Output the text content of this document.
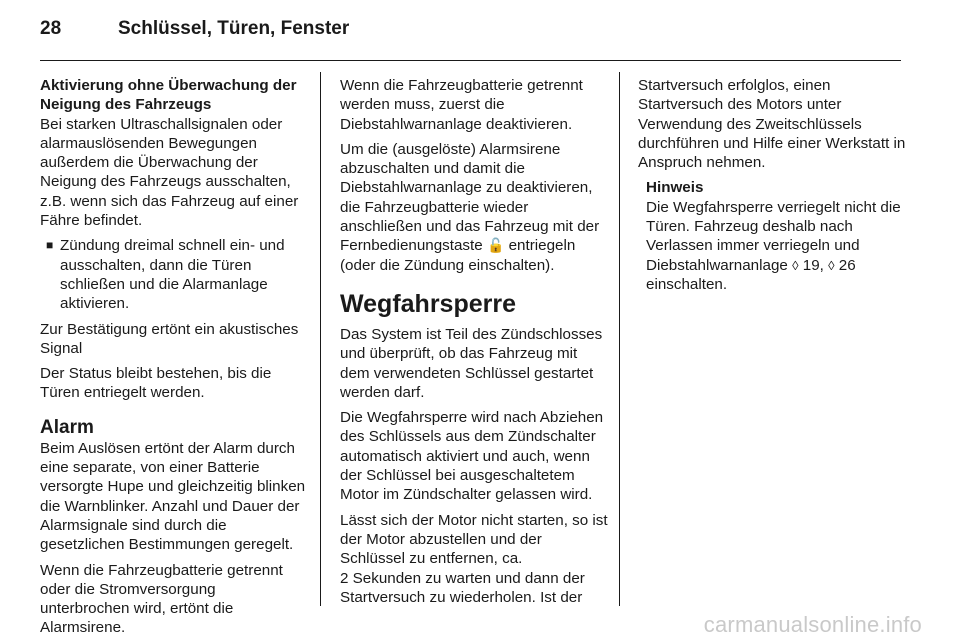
28	Schlüssel, Türen, Fenster
Aktivierung ohne Überwachung der
Neigung des Fahrzeugs

Bei starken Ultraschallsignalen oder alarmauslösenden Bewegungen außerdem die Überwachung der Neigung des Fahrzeugs ausschalten, z.B. wenn sich das Fahrzeug auf einer Fähre befindet.

■ Zündung dreimal schnell ein- und ausschalten, dann die Türen schließen und die Alarmanlage aktivieren.

Zur Bestätigung ertönt ein akustisches Signal

Der Status bleibt bestehen, bis die Türen entriegelt werden.

Alarm

Beim Auslösen ertönt der Alarm durch eine separate, von einer Batterie versorgte Hupe und gleichzeitig blinken die Warnblinker. Anzahl und Dauer der Alarmsignale sind durch die gesetzlichen Bestimmungen geregelt.

Wenn die Fahrzeugbatterie getrennt oder die Stromversorgung unterbrochen wird, ertönt die Alarmsirene.

Wenn die Fahrzeugbatterie getrennt werden muss, zuerst die Diebstahlwarnanlage deaktivieren.

Um die (ausgelöste) Alarmsirene abzuschalten und damit die Diebstahlwarnanlage zu deaktivieren, die Fahrzeugbatterie wieder anschließen und das Fahrzeug mit der Fernbedienungstaste 🔓 entriegeln (oder die Zündung einschalten).

Wegfahrsperre

Das System ist Teil des Zündschlosses und überprüft, ob das Fahrzeug mit dem verwendeten Schlüssel gestartet werden darf.

Die Wegfahrsperre wird nach Abziehen des Schlüssels aus dem Zündschalter automatisch aktiviert und auch, wenn der Schlüssel bei ausgeschaltetem Motor im Zündschalter gelassen wird.

Lässt sich der Motor nicht starten, so ist der Motor abzustellen und der Schlüssel zu entfernen, ca.
2 Sekunden zu warten und dann der Startversuch zu wiederholen. Ist der

Startversuch erfolglos, einen Startversuch des Motors unter Verwendung des Zweitschlüssels durchführen und Hilfe einer Werkstatt in Anspruch nehmen.

Hinweis
Die Wegfahrsperre verriegelt nicht die Türen. Fahrzeug deshalb nach Verlassen immer verriegeln und Diebstahlwarnanlage ◊ 19, ◊ 26 einschalten.
carmanualsonline.info
